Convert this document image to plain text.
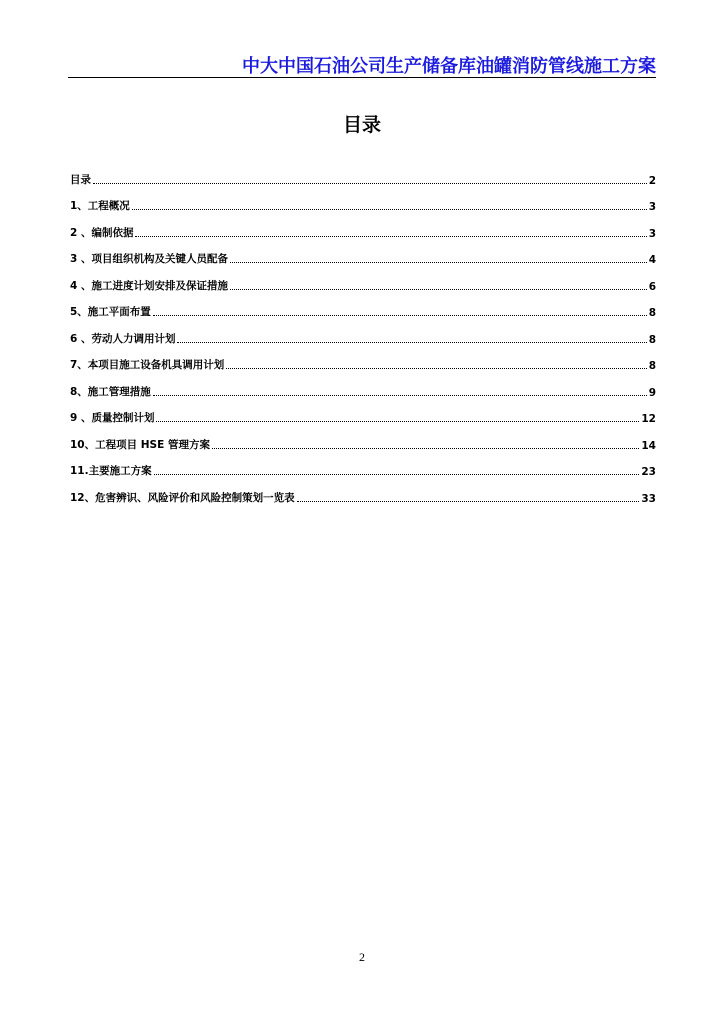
中大中国石油公司生产储备库油罐消防管线施工方案
目录
目录	2
1、工程概况	3
2 、编制依据	3
3 、项目组织机构及关键人员配备	4
4 、施工进度计划安排及保证措施	6
5、施工平面布置	8
6 、劳动人力调用计划	8
7、本项目施工设备机具调用计划	8
8、施工管理措施	9
9 、质量控制计划	12
10、工程项目 HSE 管理方案	14
11.主要施工方案	23
12、危害辨识、风险评价和风险控制策划一览表	33
2
